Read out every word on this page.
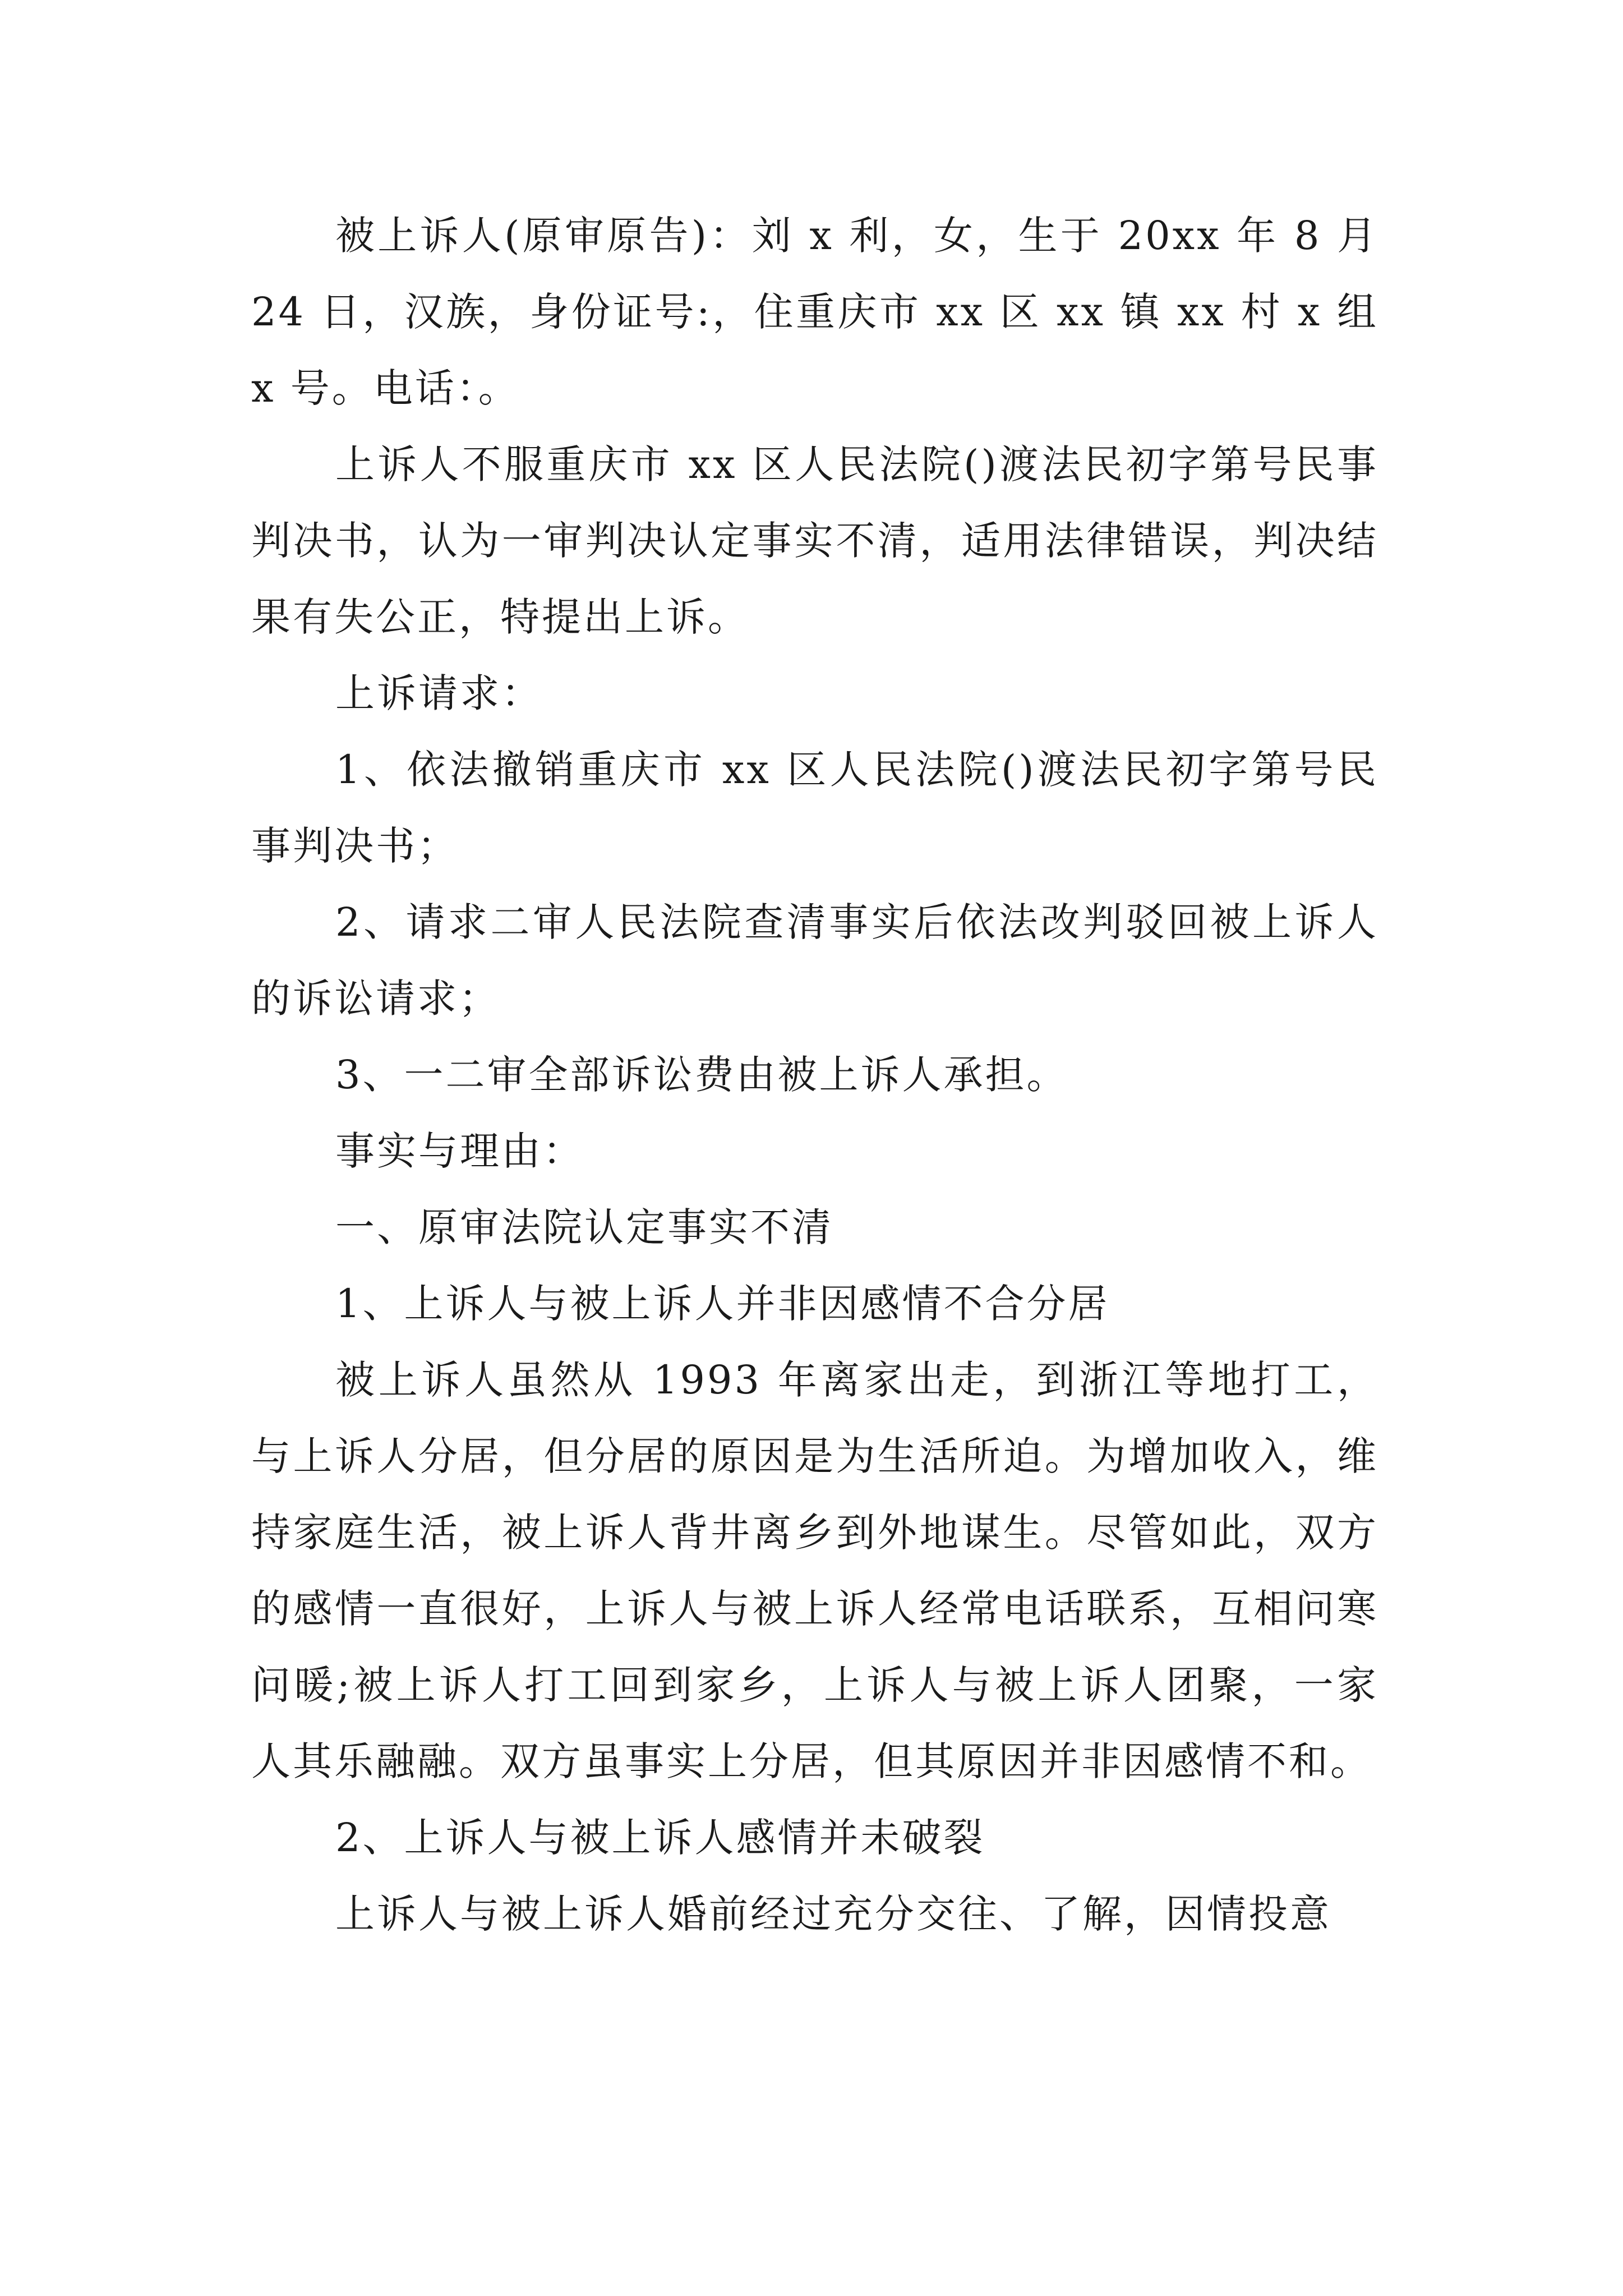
被上诉人(原审原告)：刘 x 利，女，生于 20xx 年 8 月 24 日，汉族，身份证号:，住重庆市 xx 区 xx 镇 xx 村 x 组 x 号。电话：。

上诉人不服重庆市 xx 区人民法院()渡法民初字第号民事判决书，认为一审判决认定事实不清，适用法律错误，判决结果有失公正，特提出上诉。

上诉请求：

1、依法撤销重庆市 xx 区人民法院()渡法民初字第号民事判决书；

2、请求二审人民法院查清事实后依法改判驳回被上诉人的诉讼请求；

3、一二审全部诉讼费由被上诉人承担。

事实与理由：

一、原审法院认定事实不清

1、上诉人与被上诉人并非因感情不合分居

被上诉人虽然从 1993 年离家出走，到浙江等地打工，与上诉人分居，但分居的原因是为生活所迫。为增加收入，维持家庭生活，被上诉人背井离乡到外地谋生。尽管如此，双方的感情一直很好，上诉人与被上诉人经常电话联系，互相问寒问暖;被上诉人打工回到家乡，上诉人与被上诉人团聚，一家人其乐融融。双方虽事实上分居，但其原因并非因感情不和。

2、上诉人与被上诉人感情并未破裂

上诉人与被上诉人婚前经过充分交往、了解，因情投意
